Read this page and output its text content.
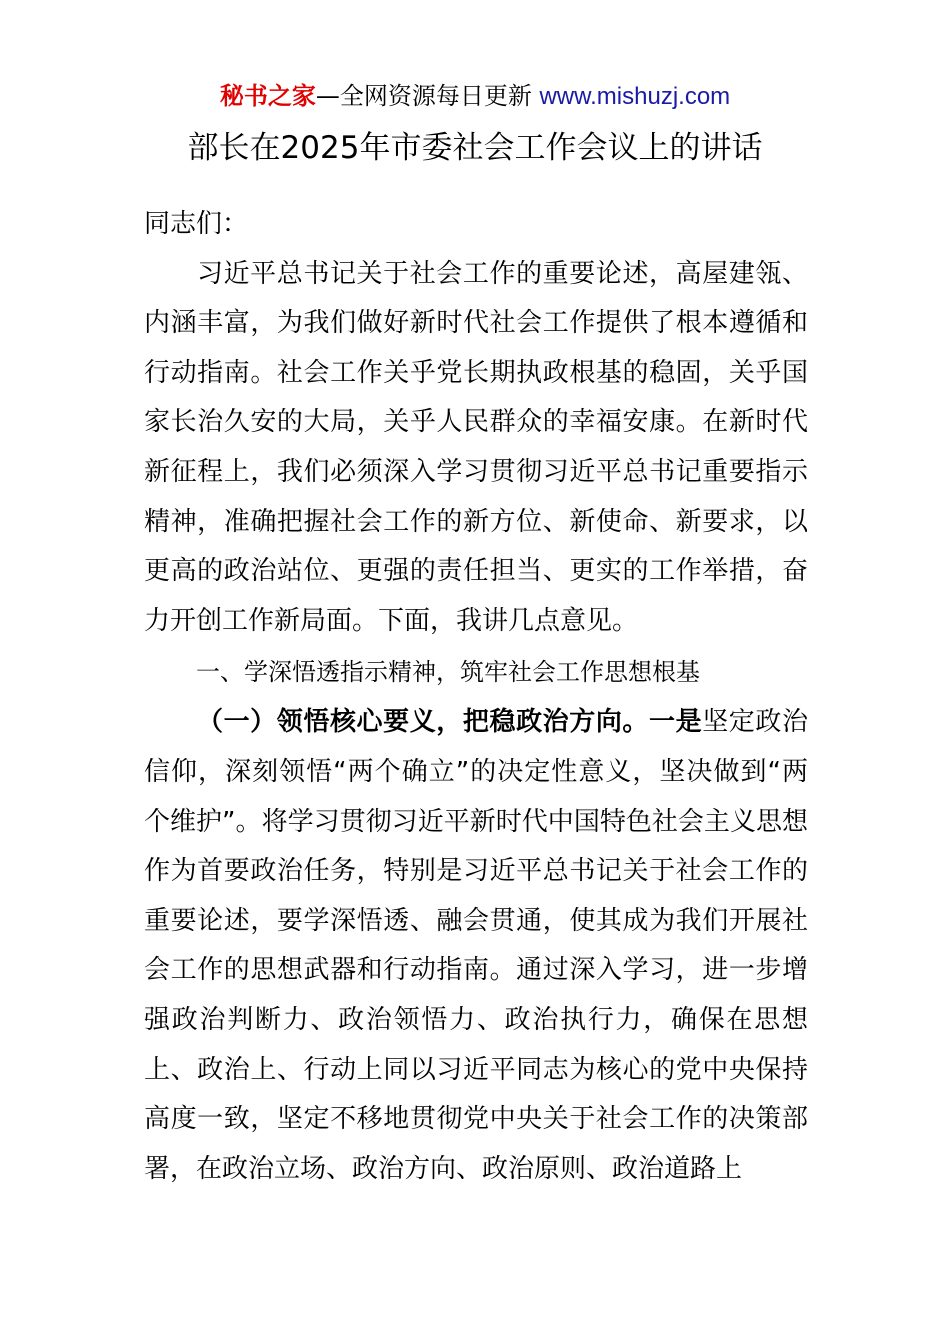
秘书之家—全网资源每日更新 www.mishuzj.com
部长在2025年市委社会工作会议上的讲话

同志们：

习近平总书记关于社会工作的重要论述，高屋建瓴、内涵丰富，为我们做好新时代社会工作提供了根本遵循和行动指南。社会工作关乎党长期执政根基的稳固，关乎国家长治久安的大局，关乎人民群众的幸福安康。在新时代新征程上，我们必须深入学习贯彻习近平总书记重要指示精神，准确把握社会工作的新方位、新使命、新要求，以更高的政治站位、更强的责任担当、更实的工作举措，奋力开创工作新局面。下面，我讲几点意见。

一、学深悟透指示精神，筑牢社会工作思想根基

（一）领悟核心要义，把稳政治方向。一是坚定政治信仰，深刻领悟“两个确立”的决定性意义，坚决做到“两个维护”。将学习贯彻习近平新时代中国特色社会主义思想作为首要政治任务，特别是习近平总书记关于社会工作的重要论述，要学深悟透、融会贯通，使其成为我们开展社会工作的思想武器和行动指南。通过深入学习，进一步增强政治判断力、政治领悟力、政治执行力，确保在思想上、政治上、行动上同以习近平同志为核心的党中央保持高度一致，坚定不移地贯彻党中央关于社会工作的决策部署，在政治立场、政治方向、政治原则、政治道路上
